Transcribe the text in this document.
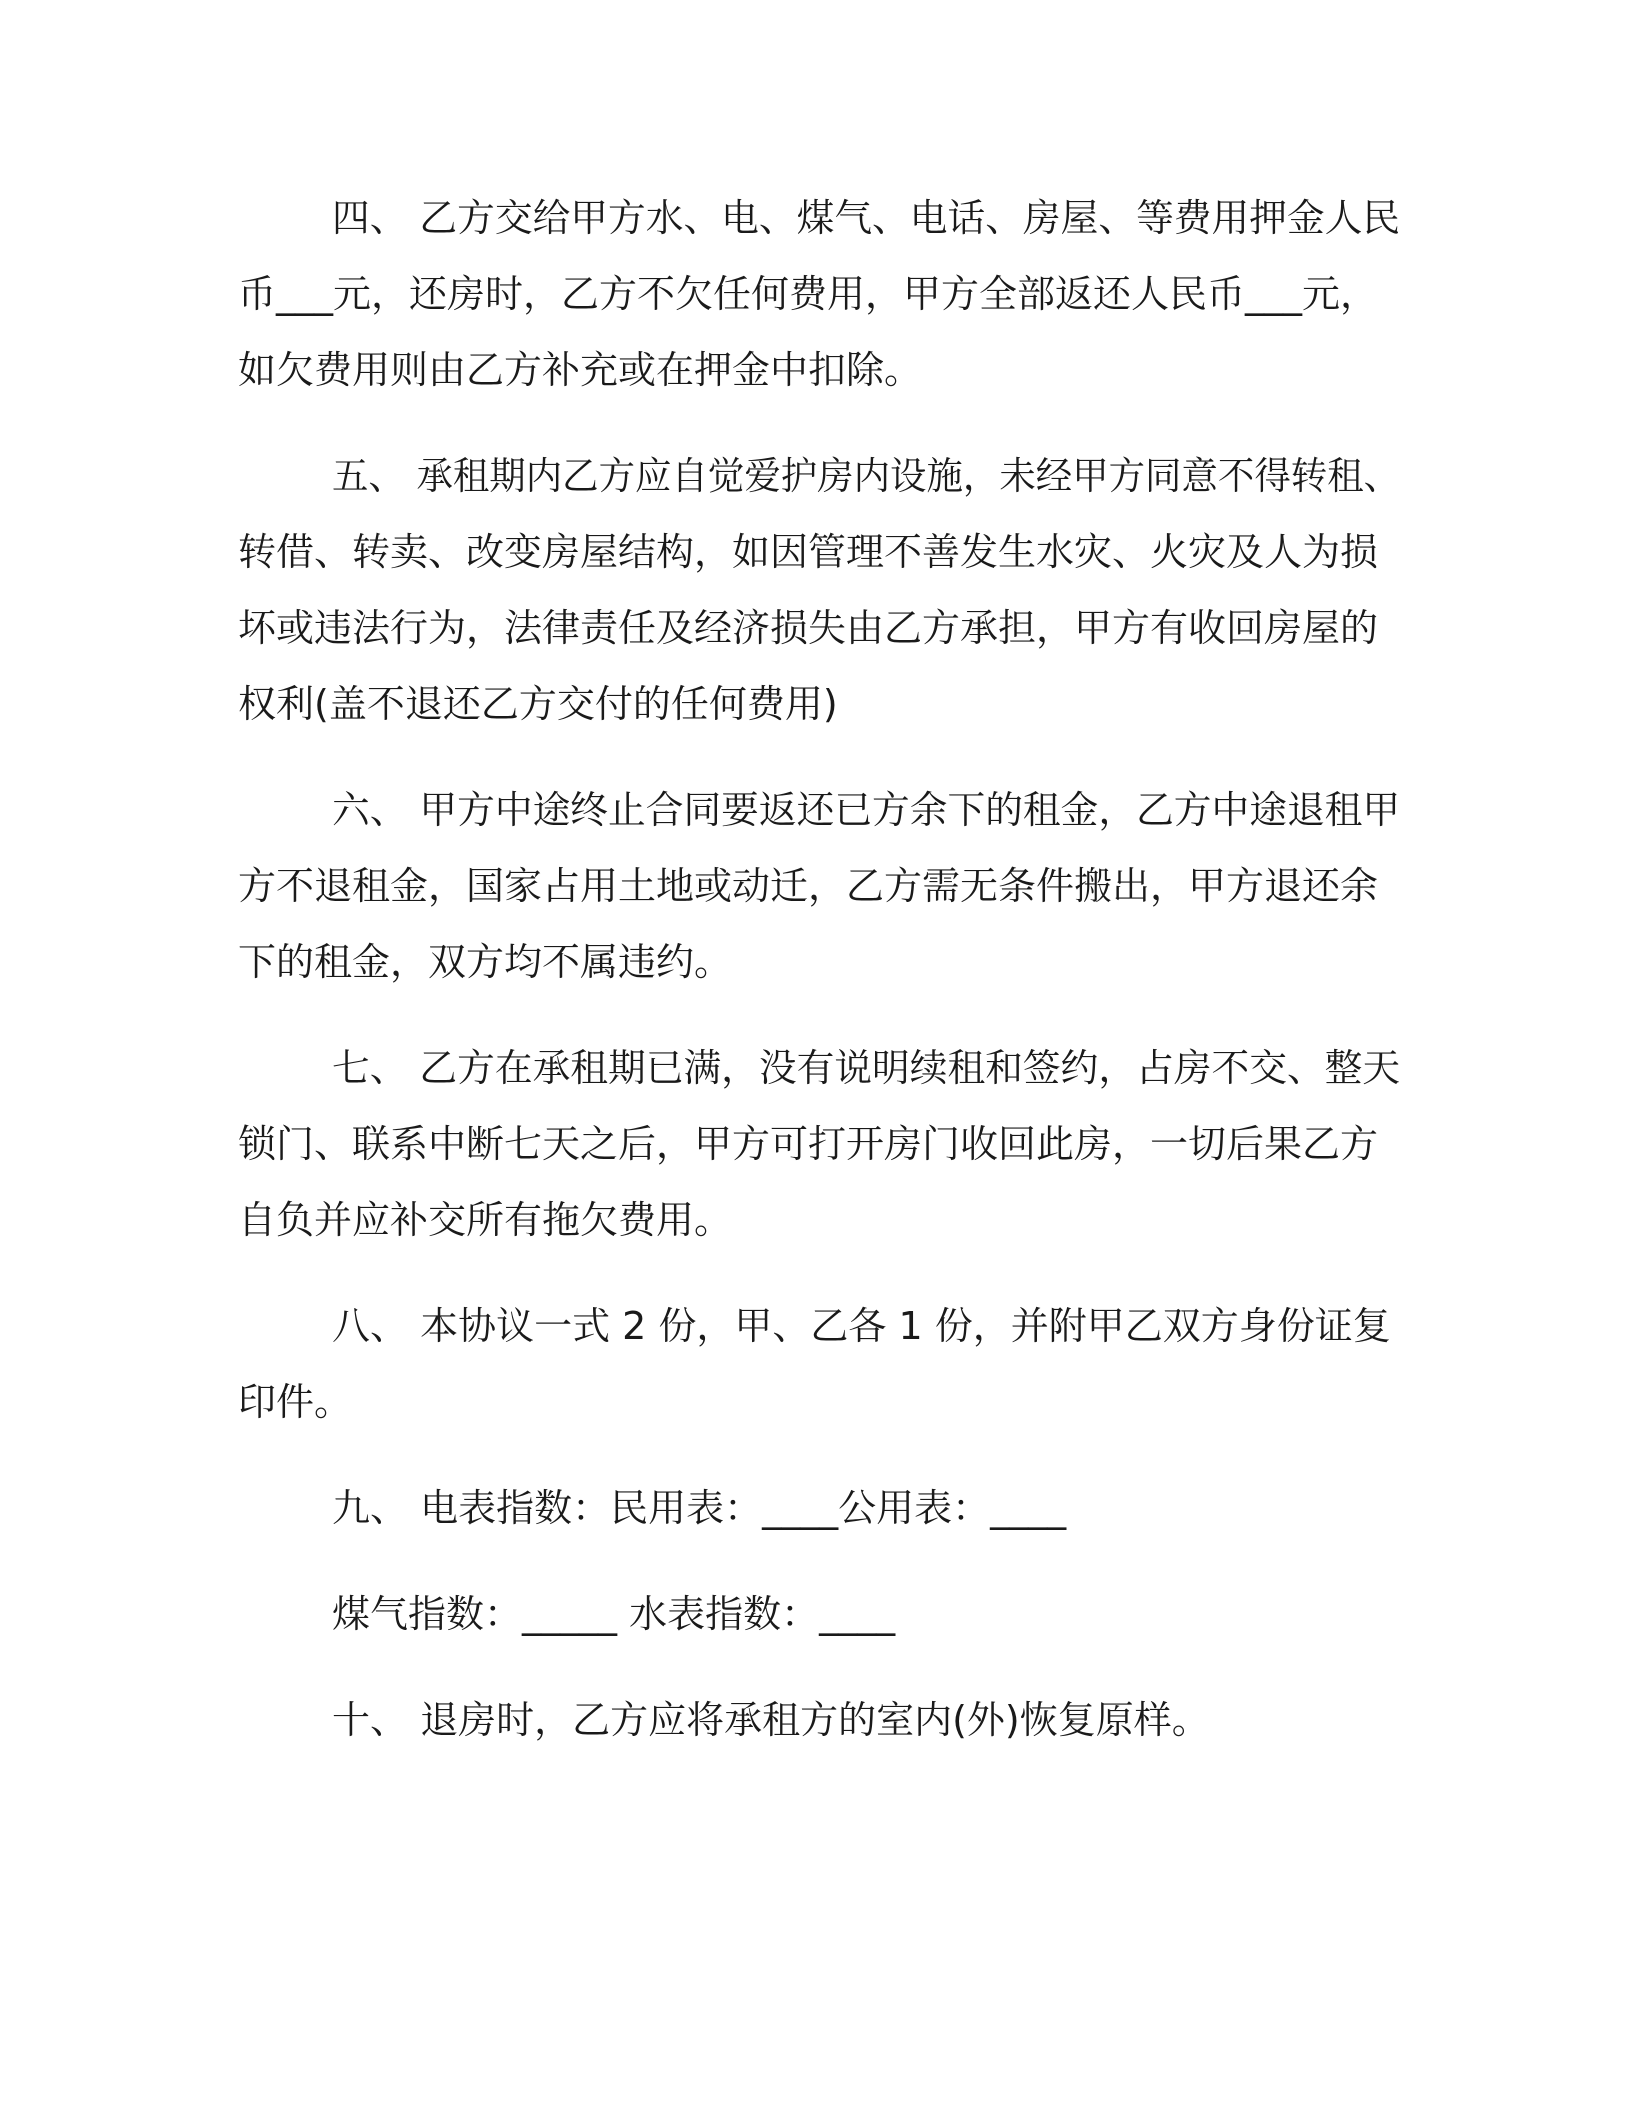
四、 乙方交给甲方水、电、煤气、电话、房屋、等费用押金人民

币___元，还房时，乙方不欠任何费用，甲方全部返还人民币___元，

如欠费用则由乙方补充或在押金中扣除。

五、 承租期内乙方应自觉爱护房内设施，未经甲方同意不得转租、

转借、转卖、改变房屋结构，如因管理不善发生水灾、火灾及人为损

坏或违法行为，法律责任及经济损失由乙方承担，甲方有收回房屋的

权利(盖不退还乙方交付的任何费用)

六、 甲方中途终止合同要返还已方余下的租金，乙方中途退租甲

方不退租金，国家占用土地或动迁，乙方需无条件搬出，甲方退还余

下的租金，双方均不属违约。

七、 乙方在承租期已满，没有说明续租和签约，占房不交、整天

锁门、联系中断七天之后，甲方可打开房门收回此房，一切后果乙方

自负并应补交所有拖欠费用。

八、 本协议一式 2 份，甲、乙各 1 份，并附甲乙双方身份证复

印件。

九、 电表指数：民用表：____公用表：____

煤气指数：_____ 水表指数：____

十、 退房时，乙方应将承租方的室内(外)恢复原样。
